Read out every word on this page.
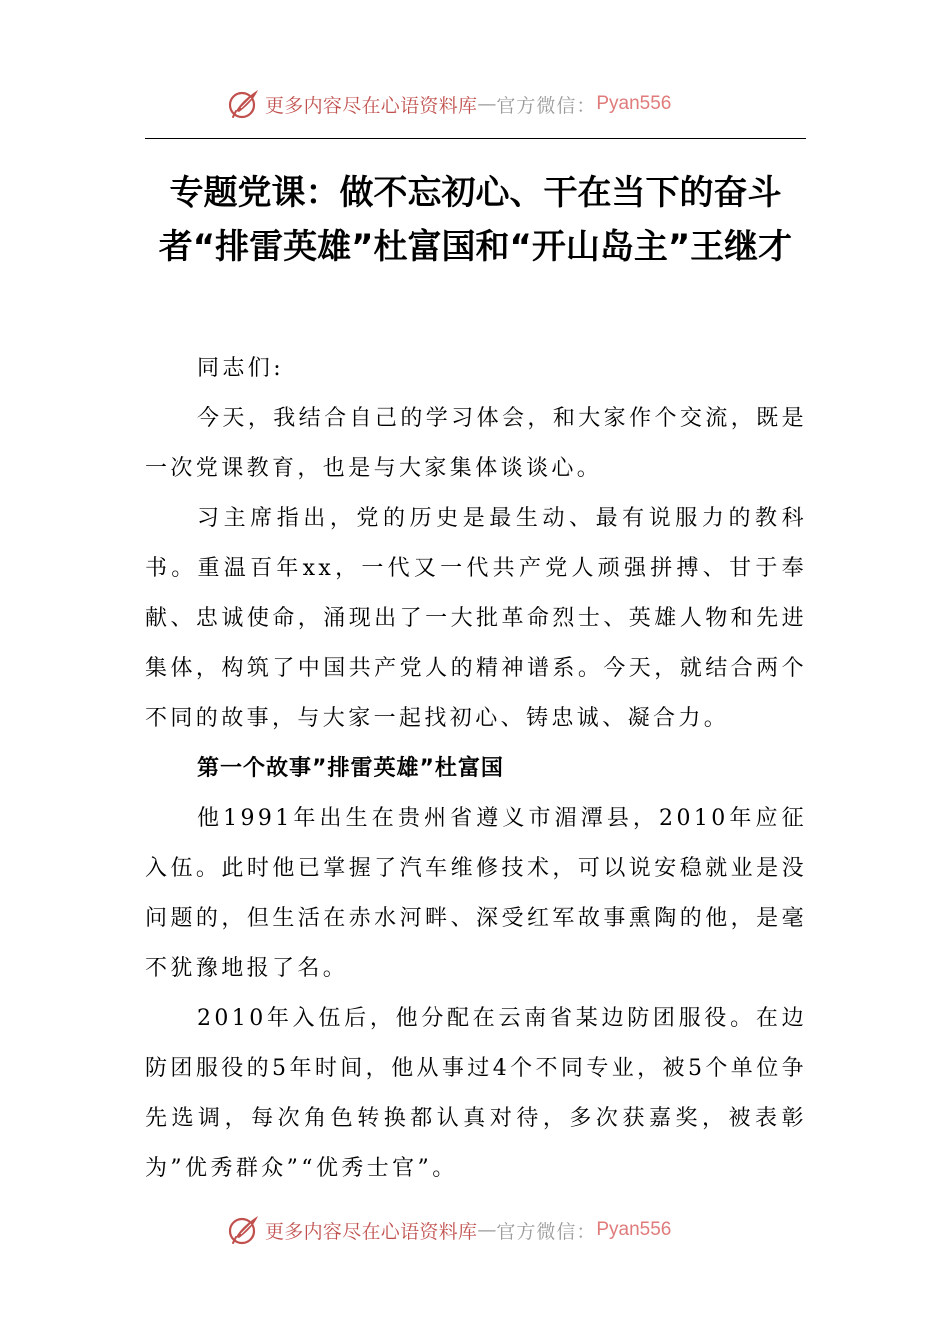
更多内容尽在心语资料库 — 官方微信： Pyan556
专题党课：做不忘初心、干在当下的奋斗者“排雷英雄”杜富国和“开山岛主”王继才

同志们:

今天，我结合自己的学习体会，和大家作个交流，既是一次党课教育，也是与大家集体谈谈心。

习主席指出，党的历史是最生动、最有说服力的教科书。重温百年xx，一代又一代共产党人顽强拼搏、甘于奉献、忠诚使命，涌现出了一大批革命烈士、英雄人物和先进集体，构筑了中国共产党人的精神谱系。今天，就结合两个不同的故事，与大家一起找初心、铸忠诚、凝合力。

第一个故事”排雷英雄”杜富国

他1991年出生在贵州省遵义市湄潭县，2010年应征入伍。此时他已掌握了汽车维修技术，可以说安稳就业是没问题的，但生活在赤水河畔、深受红军故事熏陶的他，是毫不犹豫地报了名。

2010年入伍后，他分配在云南省某边防团服役。在边防团服役的5年时间，他从事过4个不同专业，被5个单位争先选调，每次角色转换都认真对待，多次获嘉奖，被表彰为”优秀群众”“优秀士官”。

更多内容尽在心语资料库 — 官方微信： Pyan556
